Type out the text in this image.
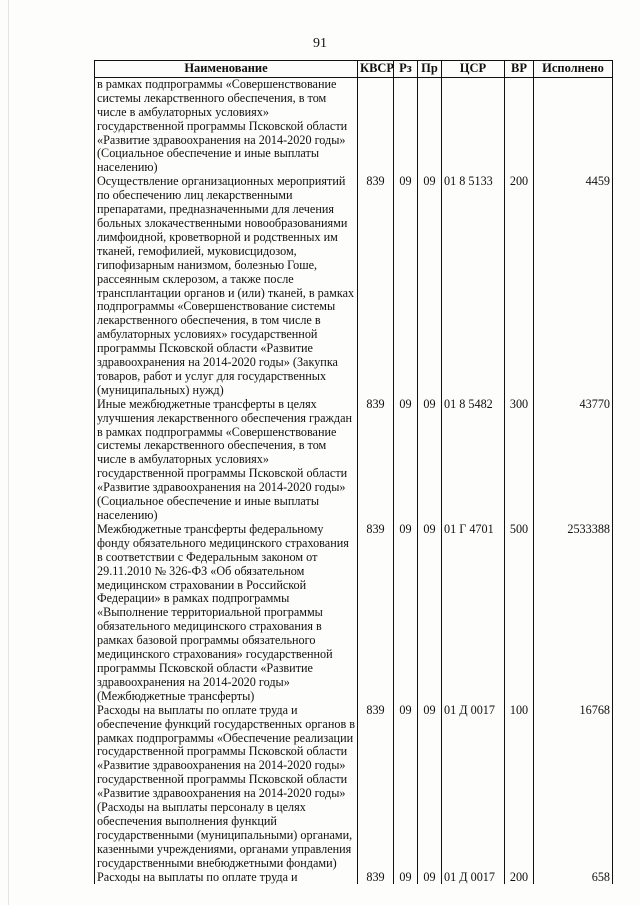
91
Наименование	КВСР	Рз	Пр	ЦСР	ВР	Исполнено
в рамках подпрограммы «Совершенствование системы лекарственного обеспечения, в том числе в амбулаторных условиях» государственной программы Псковской области «Развитие здравоохранения на 2014-2020 годы» (Социальное обеспечение и иные выплаты населению)						
Осуществление организационных мероприятий по обеспечению лиц лекарственными препаратами, предназначенными для лечения больных злокачественными новообразованиями лимфоидной, кроветворной и родственных им тканей, гемофилией, муковисцидозом, гипофизарным нанизмом, болезнью Гоше, рассеянным склерозом, а также после трансплантации органов и (или) тканей, в рамках подпрограммы «Совершенствование системы лекарственного обеспечения, в том числе в амбулаторных условиях» государственной программы Псковской области «Развитие здравоохранения на 2014-2020 годы» (Закупка товаров, работ и услуг для государственных (муниципальных) нужд)	839	09	09	01 8 5133	200	4459
Иные межбюджетные трансферты в целях улучшения лекарственного обеспечения граждан в рамках подпрограммы «Совершенствование системы лекарственного обеспечения, в том числе в амбулаторных условиях» государственной программы Псковской области «Развитие здравоохранения на 2014-2020 годы» (Социальное обеспечение и иные выплаты населению)	839	09	09	01 8 5482	300	43770
Межбюджетные трансферты федеральному фонду обязательного медицинского страхования в соответствии с Федеральным законом от 29.11.2010 № 326-ФЗ «Об обязательном медицинском страховании в Российской Федерации» в рамках подпрограммы «Выполнение территориальной программы обязательного медицинского страхования в рамках базовой программы обязательного медицинского страхования» государственной программы Псковской области «Развитие здравоохранения на 2014-2020 годы» (Межбюджетные трансферты)	839	09	09	01 Г 4701	500	2533388
Расходы на выплаты по оплате труда и обеспечение функций государственных органов в рамках подпрограммы «Обеспечение реализации государственной программы Псковской области «Развитие здравоохранения на 2014-2020 годы» государственной программы Псковской области «Развитие здравоохранения на 2014-2020 годы» (Расходы на выплаты персоналу в целях обеспечения выполнения функций государственными (муниципальными) органами, казенными учреждениями, органами управления государственными внебюджетными фондами)	839	09	09	01 Д 0017	100	16768
Расходы на выплаты по оплате труда и	839	09	09	01 Д 0017	200	658
